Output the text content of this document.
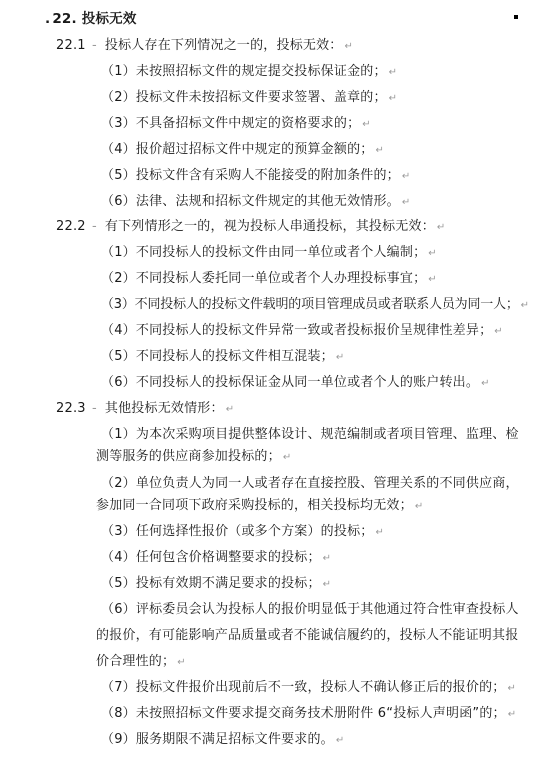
. 22. 投标无效
22.1 - 投标人存在下列情况之一的，投标无效： ↵
（1）未按照招标文件的规定提交投标保证金的； ↵
（2）投标文件未按招标文件要求签署、盖章的； ↵
（3）不具备招标文件中规定的资格要求的； ↵
（4）报价超过招标文件中规定的预算金额的； ↵
（5）投标文件含有采购人不能接受的附加条件的； ↵
（6）法律、法规和招标文件规定的其他无效情形。 ↵
22.2 - 有下列情形之一的，视为投标人串通投标，其投标无效： ↵
（1）不同投标人的投标文件由同一单位或者个人编制； ↵
（2）不同投标人委托同一单位或者个人办理投标事宜； ↵
（3）不同投标人的投标文件载明的项目管理成员或者联系人员为同一人； ↵
（4）不同投标人的投标文件异常一致或者投标报价呈规律性差异； ↵
（5）不同投标人的投标文件相互混装； ↵
（6）不同投标人的投标保证金从同一单位或者个人的账户转出。 ↵
22.3 - 其他投标无效情形： ↵
（1）为本次采购项目提供整体设计、规范编制或者项目管理、监理、检
测等服务的供应商参加投标的； ↵
（2）单位负责人为同一人或者存在直接控股、管理关系的不同供应商，
参加同一合同项下政府采购投标的，相关投标均无效； ↵
（3）任何选择性报价（或多个方案）的投标； ↵
（4）任何包含价格调整要求的投标； ↵
（5）投标有效期不满足要求的投标； ↵
（6）评标委员会认为投标人的报价明显低于其他通过符合性审查投标人
的报价，有可能影响产品质量或者不能诚信履约的，投标人不能证明其报
价合理性的； ↵
（7）投标文件报价出现前后不一致，投标人不确认修正后的报价的； ↵
（8）未按照招标文件要求提交商务技术册附件 6“投标人声明函”的； ↵
（9）服务期限不满足招标文件要求的。 ↵
